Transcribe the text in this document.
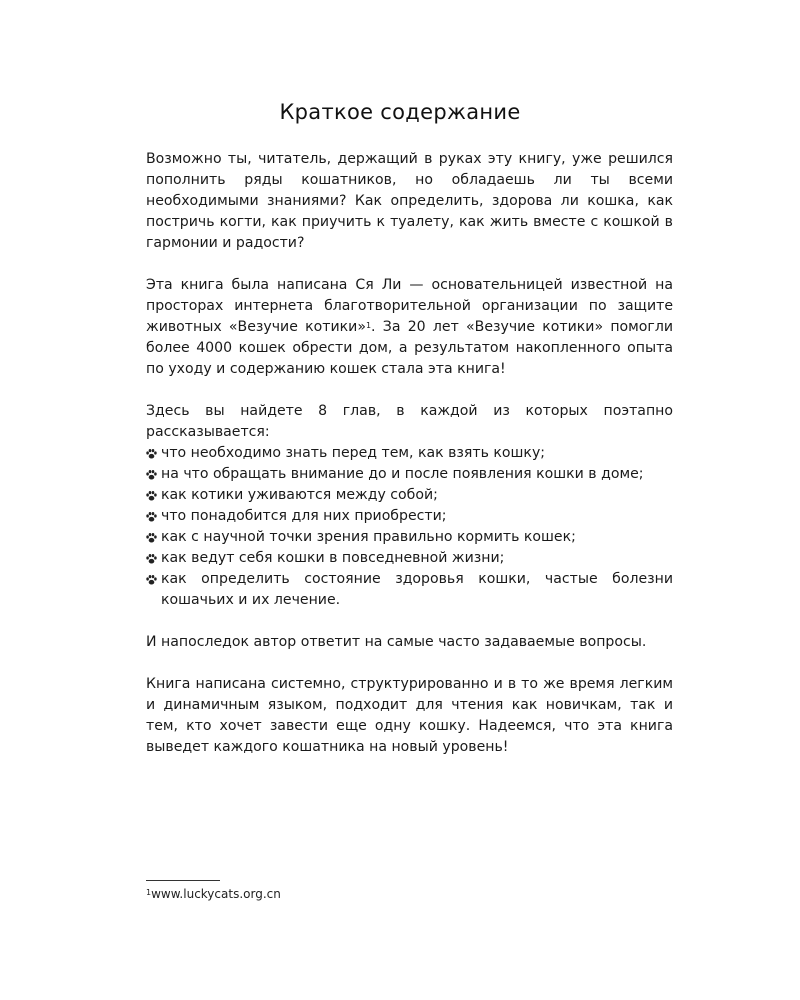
Краткое содержание

Возможно ты, читатель, держащий в руках эту книгу, уже решился пополнить ряды кошатников, но обладаешь ли ты всеми необходимыми знаниями? Как определить, здорова ли кошка, как постричь когти, как приучить к туалету, как жить вместе с кошкой в гармонии и радости?

Эта книга была написана Ся Ли — основательницей известной на просторах интернета благотворительной организации по защите животных «Везучие котики»$^1$. За 20 лет «Везучие котики» помогли более 4000 кошек обрести дом, а результатом накопленного опыта по уходу и содержанию кошек стала эта книга!

Здесь вы найдете 8 глав, в каждой из которых поэтапно рассказывается:

что необходимо знать перед тем, как взять кошку;
на что обращать внимание до и после появления кошки в доме;
как котики уживаются между собой;
что понадобится для них приобрести;
как с научной точки зрения правильно кормить кошек;
как ведут себя кошки в повседневной жизни;
как определить состояние здоровья кошки, частые болезни кошачьих и их лечение.

И напоследок автор ответит на самые часто задаваемые вопросы.

Книга написана системно, структурированно и в то же время легким и динамичным языком, подходит для чтения как новичкам, так и тем, кто хочет завести еще одну кошку. Надеемся, что эта книга выведет каждого кошатника на новый уровень!

$^1$www.luckycats.org.cn
